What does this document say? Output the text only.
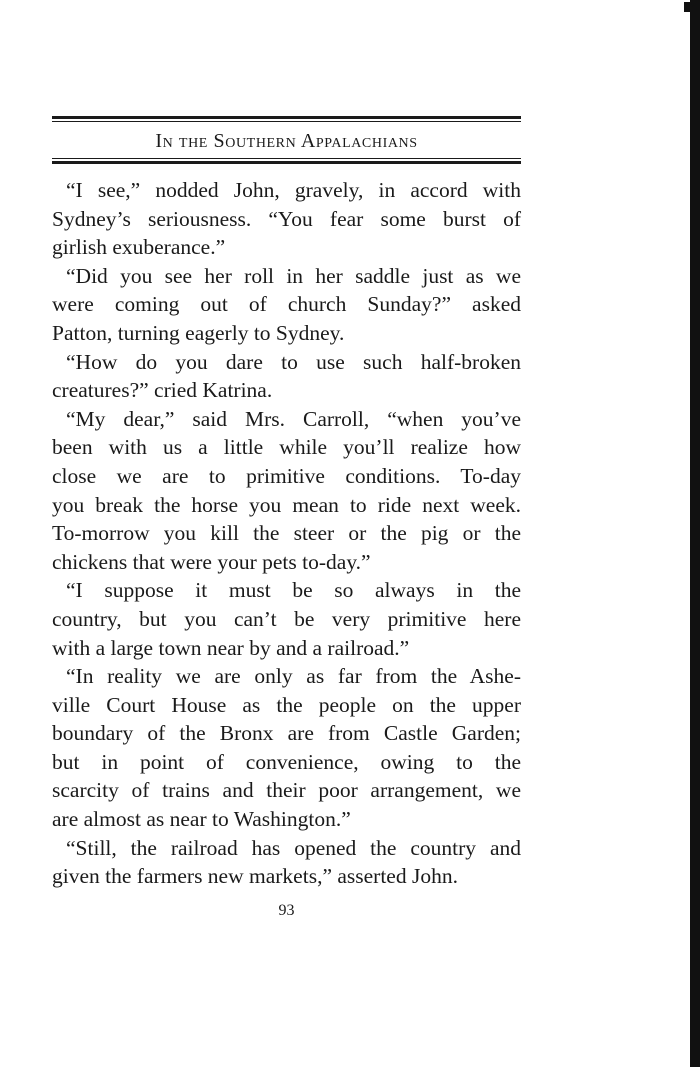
In the Southern Appalachians
“I see,” nodded John, gravely, in accord with
Sydney’s seriousness. “You fear some burst of
girlish exuberance.”
“Did you see her roll in her saddle just as we
were coming out of church Sunday?” asked
Patton, turning eagerly to Sydney.
“How do you dare to use such half-broken
creatures?” cried Katrina.
“My dear,” said Mrs. Carroll, “when you’ve
been with us a little while you’ll realize how
close we are to primitive conditions. To-day
you break the horse you mean to ride next week.
To-morrow you kill the steer or the pig or the
chickens that were your pets to-day.”
“I suppose it must be so always in the
country, but you can’t be very primitive here
with a large town near by and a railroad.”
“In reality we are only as far from the Ashe-
ville Court House as the people on the upper
boundary of the Bronx are from Castle Garden;
but in point of convenience, owing to the
scarcity of trains and their poor arrangement, we
are almost as near to Washington.”
“Still, the railroad has opened the country and
given the farmers new markets,” asserted John.
93
